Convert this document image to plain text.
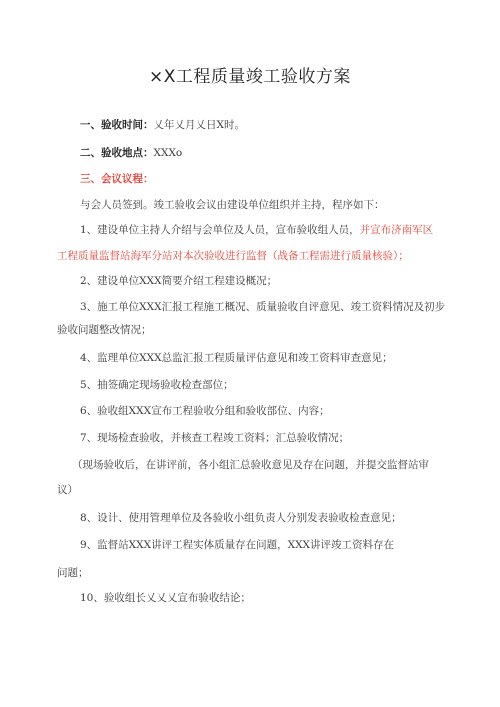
×X工程质量竣工验收方案
一、验收时间：乂年乂月乂日X时。
二、验收地点：XXXo
三、会议议程：
与会人员签到。竣工验收会议由建设单位组织并主持，程序如下：
1、建设单位主持人介绍与会单位及人员，宣布验收组人员，并宣布济南军区
工程质量监督站海军分站对本次验收进行监督（战备工程需进行质量核验）；
2、建设单位XXX简要介绍工程建设概况；
3、施工单位XXX汇报工程施工概况、质量验收自评意见、竣工资料情况及初步
验收问题整改情况；
4、监理单位XXX总监汇报工程质量评估意见和竣工资料审查意见；
5、抽签确定现场验收检查部位；
6、验收组XXX宣布工程验收分组和验收部位、内容；
7、现场检查验收，并核查工程竣工资料；汇总验收情况；
（现场验收后，在讲评前，各小组汇总验收意见及存在问题，并提交监督站审
议）
8、设计、使用管理单位及各验收小组负责人分别发表验收检查意见；
9、监督站XXX讲评工程实体质量存在问题，XXX讲评竣工资料存在
问题；
10、验收组长乂乂乂宣布验收结论；
